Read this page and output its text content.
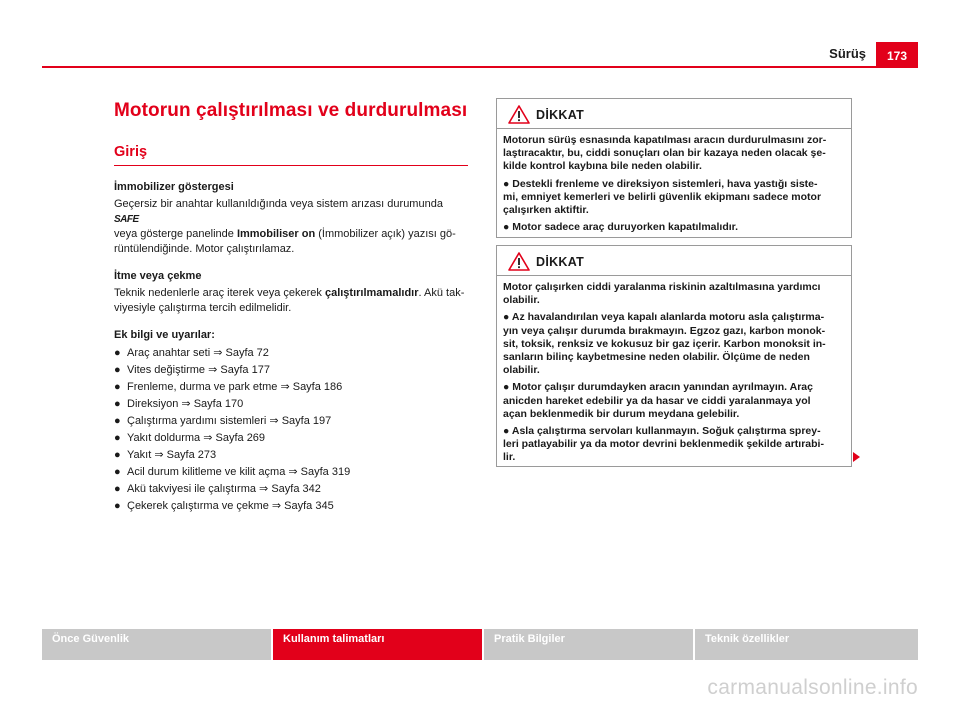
Sürüş	173
Motorun çalıştırılması ve durdurulması
Giriş
İmmobilizer göstergesi
Geçersiz bir anahtar kullanıldığında veya sistem arızası durumunda SAFE
veya gösterge panelinde Immobiliser on (İmmobilizer açık) yazısı gö-
rüntülendiğinde. Motor çalıştırılamaz.
İtme veya çekme
Teknik nedenlerle araç iterek veya çekerek çalıştırılmamalıdır. Akü tak-
viyesiyle çalıştırma tercih edilmelidir.
Ek bilgi ve uyarılar:
● Araç anahtar seti ⇒ Sayfa 72
● Vites değiştirme ⇒ Sayfa 177
● Frenleme, durma ve park etme ⇒ Sayfa 186
● Direksiyon ⇒ Sayfa 170
● Çalıştırma yardımı sistemleri ⇒ Sayfa 197
● Yakıt doldurma ⇒ Sayfa 269
● Yakıt ⇒ Sayfa 273
● Acil durum kilitleme ve kilit açma ⇒ Sayfa 319
● Akü takviyesi ile çalıştırma ⇒ Sayfa 342
● Çekerek çalıştırma ve çekme ⇒ Sayfa 345
DİKKAT

Motorun sürüş esnasında kapatılması aracın durdurulmasını zor-
laştıracaktır, bu, ciddi sonuçları olan bir kazaya neden olacak şe-
kilde kontrol kaybına bile neden olabilir.

● Destekli frenleme ve direksiyon sistemleri, hava yastığı siste-
mi, emniyet kemerleri ve belirli güvenlik ekipmanı sadece motor
çalışırken aktiftir.

● Motor sadece araç duruyorken kapatılmalıdır.

DİKKAT

Motor çalışırken ciddi yaralanma riskinin azaltılmasına yardımcı
olabilir.

● Az havalandırılan veya kapalı alanlarda motoru asla çalıştırma-
yın veya çalışır durumda bırakmayın. Egzoz gazı, karbon monok-
sit, toksik, renksiz ve kokusuz bir gaz içerir. Karbon monoksit in-
sanların bilinç kaybetmesine neden olabilir. Ölçüme de neden
olabilir.

● Motor çalışır durumdayken aracın yanından ayrılmayın. Araç
anicden hareket edebilir ya da hasar ve ciddi yaralanmaya yol
açan beklenmedik bir durum meydana gelebilir.

● Asla çalıştırma servoları kullanmayın. Soğuk çalıştırma sprey-
leri patlayabilir ya da motor devrini beklenmedik şekilde artırabi-
lir.

Önce Güvenlik	Kullanım talimatları	Pratik Bilgiler	Teknik özellikler
carmanualsonline.info
